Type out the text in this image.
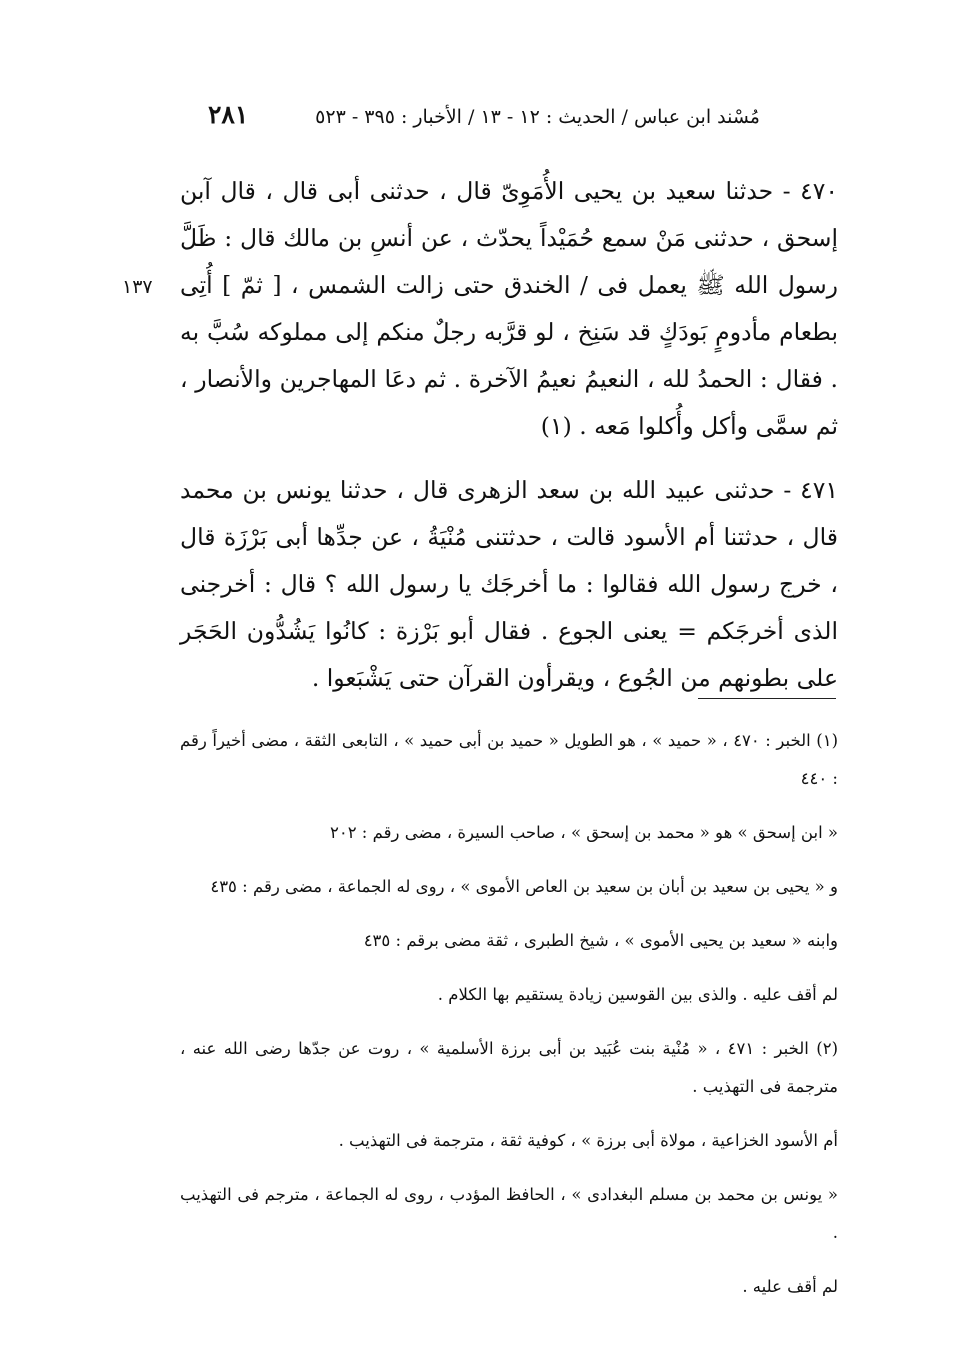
مُسْند ابن عباس / الحديث : ١٢ - ١٣ / الأخبار : ٣٩٥ - ٥٢٣
٢٨١

٤٧٠ - حدثنا سعيد بن يحيى الأُمَوِىّ قال ، حدثنى أبى قال ، قال آبن إسحق ، حدثنى مَنْ سمع حُمَيْداً يحدّث ، عن أنسِ بن مالك قال : ظَلَّ رسول الله ﷺ يعمل فى / الخندق حتى زالت الشمس ، [ ثمّ ] أُتِى بطعام مأدومٍ بَودَكٍ قد سَنِخ ، لو قرَّبه رجلٌ منكم إلى مملوكه سُبَّ به . فقال : الحمدُ لله ، النعيمُ نعيمُ الآخرة . ثم دعَا المهاجرين والأنصار ، ثم سمَّى وأكل وأُكلوا مَعه . (١)

٤٧١ - حدثنى عبيد الله بن سعد الزهرى قال ، حدثنا يونس بن محمد قال ، حدثتنا أم الأسود قالت ، حدثتنى مُنْيَةُ ، عن جدِّها أبى بَرْزَة قال ، خرج رسول الله فقالوا : ما أخرجَك يا رسول الله ؟ قال : أخرجنى الذى أخرجَكم = يعنى الجوع . فقال أبو بَرْزة : كانُوا يَشُدُّون الحَجَر على بطونهم من الجُوع ، ويقرأون القرآن حتى يَشْبَعوا .

١٣٧

(١) الخبر : ٤٧٠ ، « حميد » ، هو الطويل « حميد بن أبى حميد » ، التابعى الثقة ، مضى أخيراً رقم : ٤٤٠

« ابن إسحق » هو « محمد بن إسحق » ، صاحب السيرة ، مضى رقم : ٢٠٢

و « يحيى بن سعيد بن أبان بن سعيد بن العاص الأموى » ، روى له الجماعة ، مضى رقم : ٤٣٥

وابنه « سعيد بن يحيى الأموى » ، شيخ الطبرى ، ثقة مضى برقم : ٤٣٥

لم أقف عليه . والذى بين القوسين زيادة يستقيم بها الكلام .

(٢) الخبر : ٤٧١ ، « مُنْية بنت عُبَيد بن أبى برزة الأسلمية » ، روت عن جدّها رضى الله عنه ، مترجمة فى التهذيب .

أم الأسود الخزاعية ، مولاة أبى برزة » ، كوفية ثقة ، مترجمة فى التهذيب .

« يونس بن محمد بن مسلم البغدادى » ، الحافظ المؤدب ، روى له الجماعة ، مترجم فى التهذيب .

لم أقف عليه .
